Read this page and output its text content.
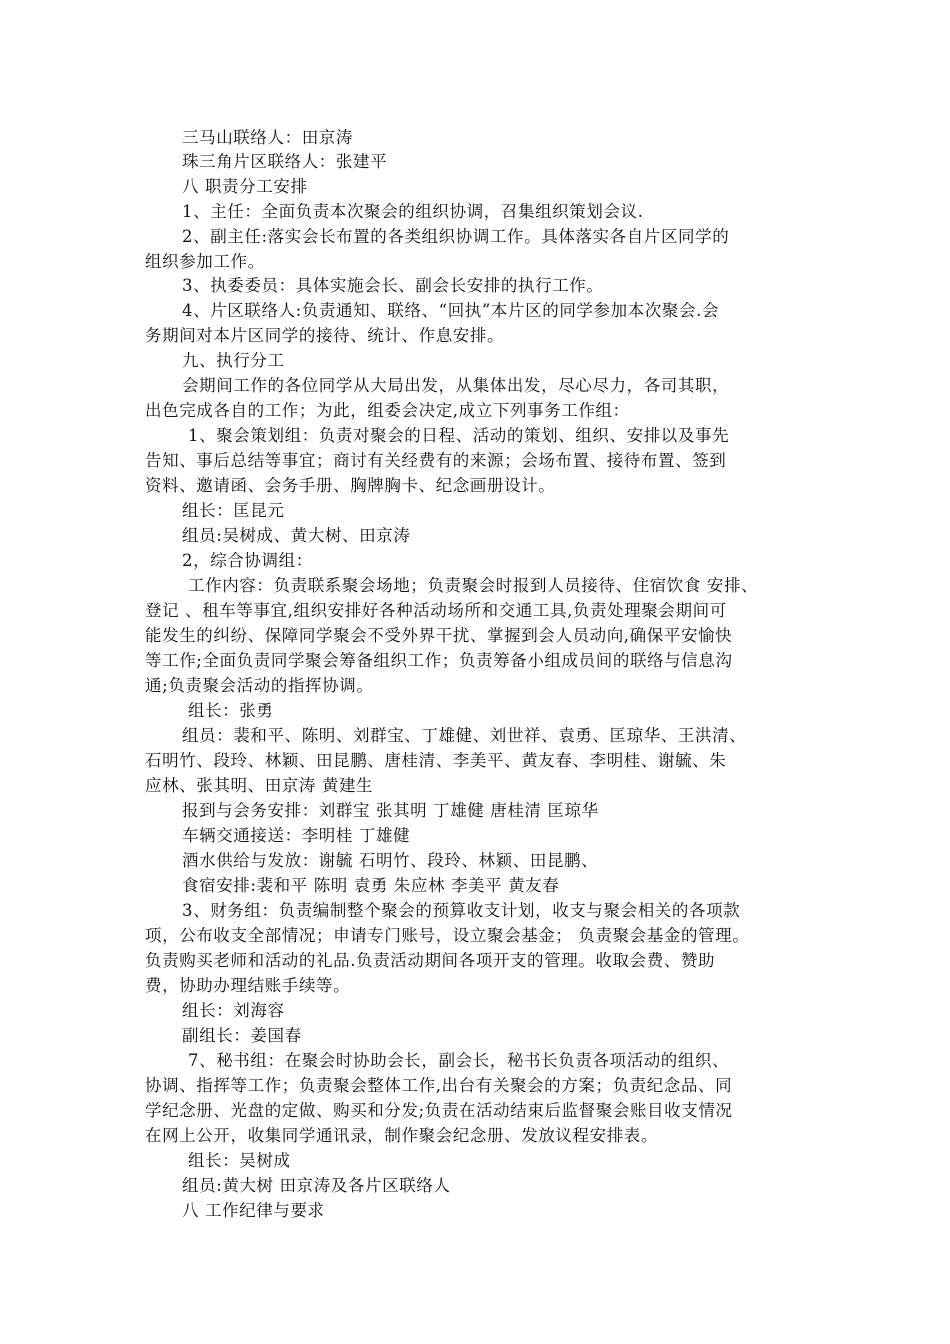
三马山联络人：田京涛
珠三角片区联络人：张建平
八 职责分工安排
1、主任：全面负责本次聚会的组织协调，召集组织策划会议.
2、副主任:落实会长布置的各类组织协调工作。具体落实各自片区同学的
组织参加工作。
3、执委委员：具体实施会长、副会长安排的执行工作。
4、片区联络人:负责通知、联络、“回执”本片区的同学参加本次聚会.会
务期间对本片区同学的接待、统计、作息安排。
九、执行分工
会期间工作的各位同学从大局出发，从集体出发，尽心尽力，各司其职，
出色完成各自的工作；为此，组委会决定,成立下列事务工作组：
1、聚会策划组：负责对聚会的日程、活动的策划、组织、安排以及事先
告知、事后总结等事宜；商讨有关经费有的来源；会场布置、接待布置、签到
资料、邀请函、会务手册、胸牌胸卡、纪念画册设计。
组长：匡昆元
组员:吴树成、黄大树、田京涛
2，综合协调组：
工作内容：负责联系聚会场地；负责聚会时报到人员接待、住宿饮食 安排、
登记 、租车等事宜,组织安排好各种活动场所和交通工具,负责处理聚会期间可
能发生的纠纷、保障同学聚会不受外界干扰、掌握到会人员动向,确保平安愉快
等工作;全面负责同学聚会筹备组织工作；负责筹备小组成员间的联络与信息沟
通;负责聚会活动的指挥协调。
组长：张勇
组员：裴和平、陈明、刘群宝、丁雄健、刘世祥、袁勇、匡琼华、王洪清、
石明竹、段玲、林颖、田昆鹏、唐桂清、李美平、黄友春、李明桂、谢毓、朱
应林、张其明、田京涛 黄建生
报到与会务安排：刘群宝 张其明 丁雄健 唐桂清 匡琼华
车辆交通接送：李明桂 丁雄健
酒水供给与发放：谢毓 石明竹、段玲、林颖、田昆鹏、
食宿安排:裴和平 陈明 袁勇 朱应林 李美平 黄友春
3、财务组：负责编制整个聚会的预算收支计划，收支与聚会相关的各项款
项，公布收支全部情况；申请专门账号，设立聚会基金； 负责聚会基金的管理。
负责购买老师和活动的礼品.负责活动期间各项开支的管理。收取会费、赞助
费，协助办理结账手续等。
组长：刘海容
副组长：姜国春
7、秘书组：在聚会时协助会长，副会长，秘书长负责各项活动的组织、
协调、指挥等工作；负责聚会整体工作,出台有关聚会的方案；负责纪念品、同
学纪念册、光盘的定做、购买和分发;负责在活动结束后监督聚会账目收支情况
在网上公开，收集同学通讯录，制作聚会纪念册、发放议程安排表。
组长：吴树成
组员:黄大树 田京涛及各片区联络人
八 工作纪律与要求
